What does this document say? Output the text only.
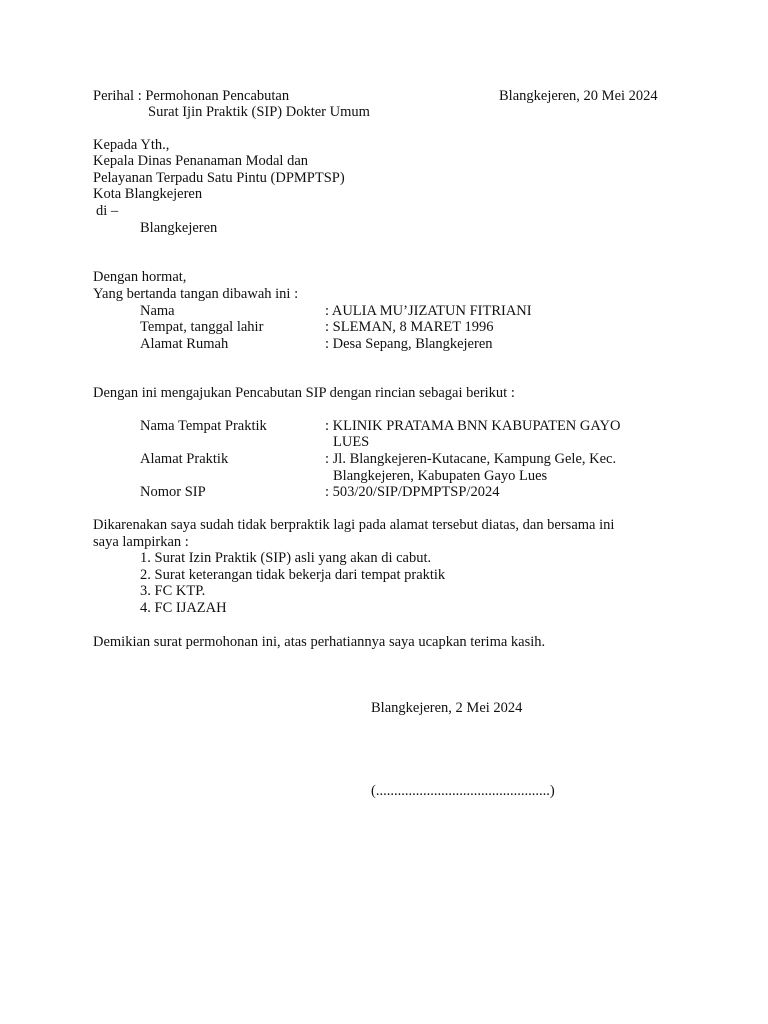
Perihal : Permohonan Pencabutan
Surat Ijin Praktik (SIP) Dokter Umum
Blangkejeren, 20 Mei 2024
Kepada Yth.,
Kepala Dinas Penanaman Modal dan
Pelayanan Terpadu Satu Pintu (DPMPTSP)
Kota Blangkejeren
di –
Blangkejeren
Dengan hormat,
Yang bertanda tangan dibawah ini :
Nama	: AULIA MU’JIZATUN FITRIANI
Tempat, tanggal lahir	: SLEMAN, 8 MARET 1996
Alamat Rumah	: Desa Sepang, Blangkejeren
Dengan ini mengajukan Pencabutan SIP dengan rincian sebagai berikut :
Nama Tempat Praktik	: KLINIK PRATAMA BNN KABUPATEN GAYO
LUES
Alamat Praktik	: Jl. Blangkejeren-Kutacane, Kampung Gele, Kec.
Blangkejeren, Kabupaten Gayo Lues
Nomor SIP	: 503/20/SIP/DPMPTSP/2024
Dikarenakan saya sudah tidak berpraktik lagi pada alamat tersebut diatas, dan bersama ini
saya lampirkan :
1. Surat Izin Praktik (SIP) asli yang akan di cabut.
2. Surat keterangan tidak bekerja dari tempat praktik
3. FC KTP.
4. FC IJAZAH
Demikian surat permohonan ini, atas perhatiannya saya ucapkan terima kasih.
Blangkejeren, 2 Mei 2024
(................................................)
